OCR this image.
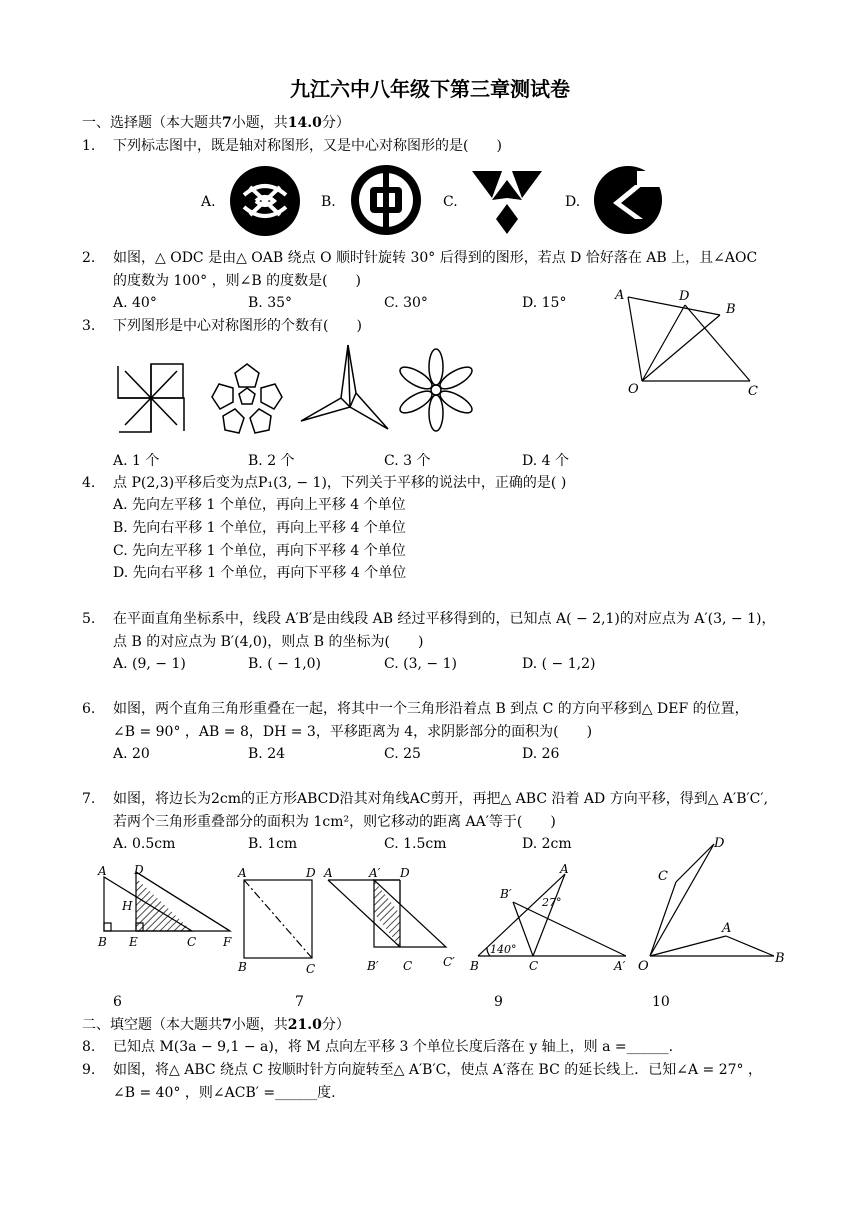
九江六中八年级下第三章测试卷
一、选择题（本大题共7小题，共14.0分）
1. 下列标志图中，既是轴对称图形，又是中心对称图形的是(　　)
A.	B.	C.	D.
2. 如图，△ ODC 是由△ OAB 绕点 O 顺时针旋转 30° 后得到的图形，若点 D 恰好落在 AB 上，且∠AOC
的度数为 100° ，则∠B 的度数是(　　)
A. 40°	B. 35°	C. 30°	D. 15°	A	D
B
O	C
3. 下列图形是中心对称图形的个数有(　　)
A. 1 个	B. 2 个	C. 3 个	D. 4 个
4. 点 P(2,3)平移后变为点P₁(3, − 1)，下列关于平移的说法中，正确的是( )
A. 先向左平移 1 个单位，再向上平移 4 个单位
B. 先向右平移 1 个单位，再向上平移 4 个单位
C. 先向左平移 1 个单位，再向下平移 4 个单位
D. 先向右平移 1 个单位，再向下平移 4 个单位
5. 在平面直角坐标系中，线段 A′B′是由线段 AB 经过平移得到的，已知点 A( − 2,1)的对应点为 A′(3, − 1)，
点 B 的对应点为 B′(4,0)，则点 B 的坐标为(　　)
A. (9, − 1)	B. ( − 1,0)	C. (3, − 1)	D. ( − 1,2)
6. 如图，两个直角三角形重叠在一起，将其中一个三角形沿着点 B 到点 C 的方向平移到△ DEF 的位置，
∠B = 90° ，AB = 8，DH = 3，平移距离为 4，求阴影部分的面积为(　　)
A. 20	B. 24	C. 25	D. 26
7. 如图，将边长为2cm的正方形ABCD沿其对角线AC剪开，再把△ ABC 沿着 AD 方向平移，得到△ A′B′C′,
若两个三角形重叠部分的面积为 1cm²，则它移动的距离 AA′等于(　　)
A. 0.5cm	B. 1cm	C. 1.5cm	D. 2cm
A D
H
B E	C F
A	D
B	C
A	A′ D
B′ C	C′
B′
A
27°
140°
B	C	A′
D
C
A
O
B
6	7	9	10
二、填空题（本大题共7小题，共21.0分）
8. 已知点 M(3a − 9,1 − a)，将 M 点向左平移 3 个单位长度后落在 y 轴上，则 a =______.
9. 如图，将△ ABC 绕点 C 按顺时针方向旋转至△ A′B′C，使点 A′落在 BC 的延长线上．已知∠A = 27° ，
∠B = 40° ，则∠ACB′ =______度.
